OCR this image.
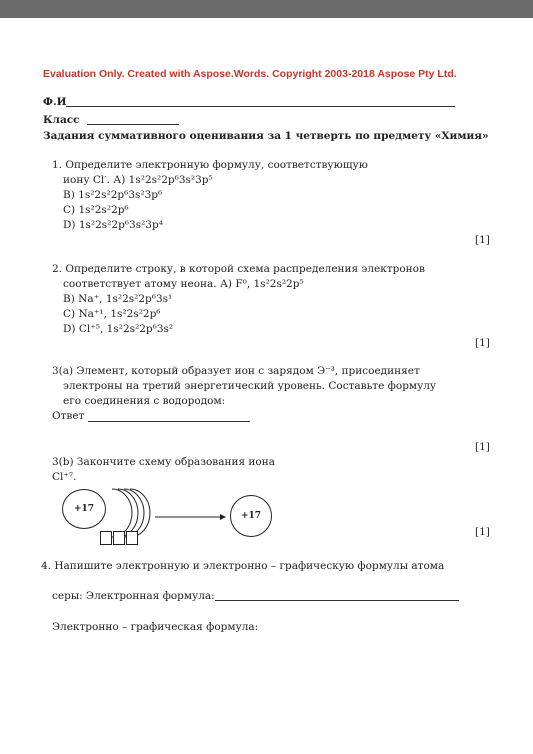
Evaluation Only. Created with Aspose.Words. Copyright 2003-2018 Aspose Pty Ltd.
Ф.И
Класс
Задания суммативного оценивания за 1 четверть по предмету «Химия»
1. Определите электронную формулу, соответствующую
иону Cl-. А) 1s²2s²2p⁶3s²3p⁵
В) 1s²2s²2p⁶3s²3p⁶
С) 1s²2s²2p⁶
D) 1s²2s²2p⁶3s²3p⁴
[1]
2. Определите строку, в которой схема распределения электронов
соответствует атому неона. А) F⁰, 1s²2s²2p⁵
В) Na⁺, 1s²2s²2p⁶3s¹
С) Na⁺¹, 1s²2s²2p⁶
D) Cl⁺⁵, 1s²2s²2p⁶3s²
[1]
3(а) Элемент, который образует ион с зарядом Э⁻³, присоединяет
электроны на третий энергетический уровень. Составьте формулу
его соединения с водородом:
Ответ
[1]
3(b) Закончите схему образования иона
Cl⁺⁷.
+17
+17
[1]
4. Напишите электронную и электронно – графическую формулы атома
серы: Электронная формула:
Электронно – графическая формула:
